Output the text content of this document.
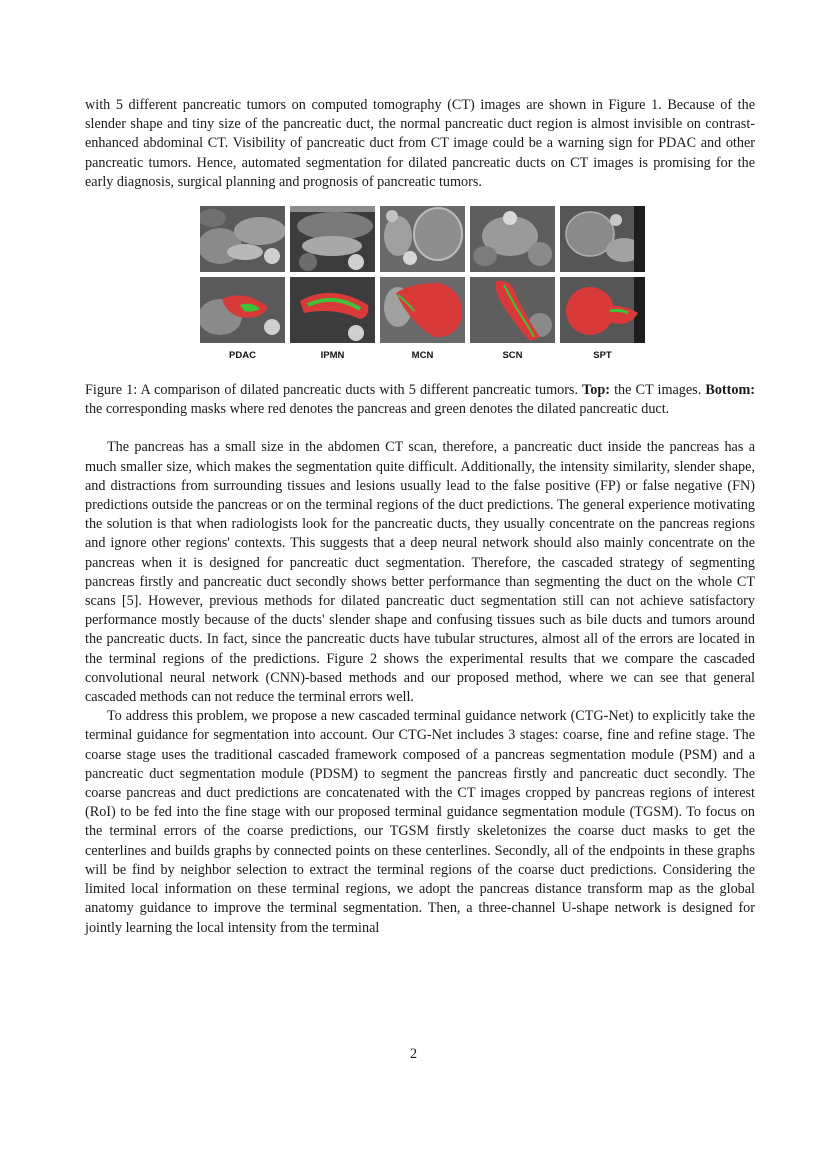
with 5 different pancreatic tumors on computed tomography (CT) images are shown in Figure 1. Because of the slender shape and tiny size of the pancreatic duct, the normal pancreatic duct region is almost invisible on contrast-enhanced abdominal CT. Visibility of pancreatic duct from CT image could be a warning sign for PDAC and other pancreatic tumors. Hence, automated segmentation for dilated pancreatic ducts on CT images is promising for the early diagnosis, surgical planning and prognosis of pancreatic tumors.

PDAC	IPMN	MCN	SCN	SPT

Figure 1: A comparison of dilated pancreatic ducts with 5 different pancreatic tumors. Top: the CT images. Bottom: the corresponding masks where red denotes the pancreas and green denotes the dilated pancreatic duct.

The pancreas has a small size in the abdomen CT scan, therefore, a pancreatic duct inside the pancreas has a much smaller size, which makes the segmentation quite difficult. Additionally, the intensity similarity, slender shape, and distractions from surrounding tissues and lesions usually lead to the false positive (FP) or false negative (FN) predictions outside the pancreas or on the terminal regions of the duct predictions. The general experience motivating the solution is that when radiologists look for the pancreatic ducts, they usually concentrate on the pancreas regions and ignore other regions' contexts. This suggests that a deep neural network should also mainly concentrate on the pancreas when it is designed for pancreatic duct segmentation. Therefore, the cascaded strategy of segmenting pancreas firstly and pancreatic duct secondly shows better performance than segmenting the duct on the whole CT scans [5]. However, previous methods for dilated pancreatic duct segmentation still can not achieve satisfactory performance mostly because of the ducts' slender shape and confusing tissues such as bile ducts and tumors around the pancreatic ducts. In fact, since the pancreatic ducts have tubular structures, almost all of the errors are located in the terminal regions of the predictions. Figure 2 shows the experimental results that we compare the cascaded convolutional neural network (CNN)-based methods and our proposed method, where we can see that general cascaded methods can not reduce the terminal errors well.

To address this problem, we propose a new cascaded terminal guidance network (CTG-Net) to explicitly take the terminal guidance for segmentation into account. Our CTG-Net includes 3 stages: coarse, fine and refine stage. The coarse stage uses the traditional cascaded framework composed of a pancreas segmentation module (PSM) and a pancreatic duct segmentation module (PDSM) to segment the pancreas firstly and pancreatic duct secondly. The coarse pancreas and duct predictions are concatenated with the CT images cropped by pancreas regions of interest (RoI) to be fed into the fine stage with our proposed terminal guidance segmentation module (TGSM). To focus on the terminal errors of the coarse predictions, our TGSM firstly skeletonizes the coarse duct masks to get the centerlines and builds graphs by connected points on these centerlines. Secondly, all of the endpoints in these graphs will be find by neighbor selection to extract the terminal regions of the coarse duct predictions. Considering the limited local information on these terminal regions, we adopt the pancreas distance transform map as the global anatomy guidance to improve the terminal segmentation. Then, a three-channel U-shape network is designed for jointly learning the local intensity from the terminal

2
